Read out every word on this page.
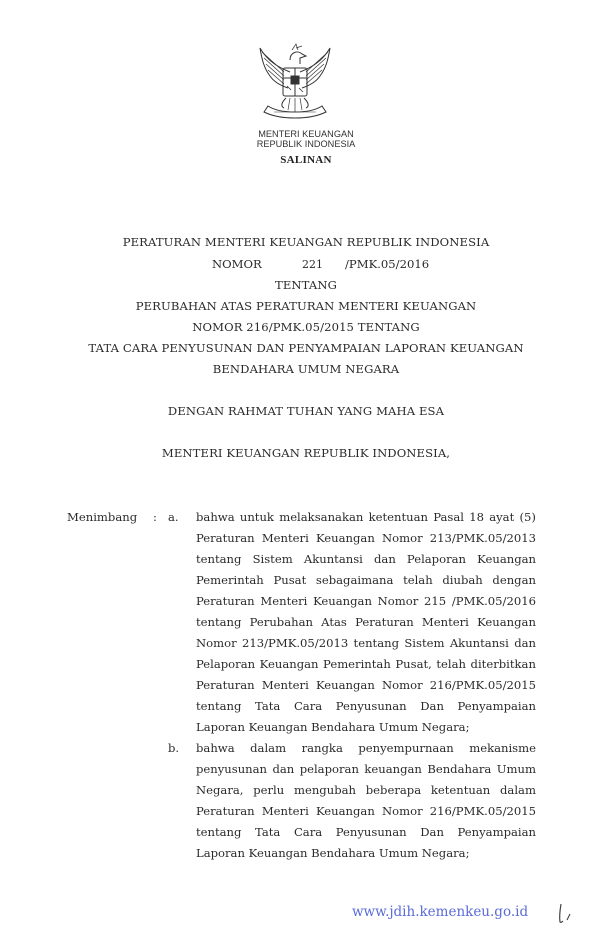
MENTERI KEUANGAN
REPUBLIK INDONESIA
SALINAN
PERATURAN MENTERI KEUANGAN REPUBLIK INDONESIA
NOMOR	221 /PMK.05/2016
TENTANG
PERUBAHAN ATAS PERATURAN MENTERI KEUANGAN
NOMOR 216/PMK.05/2015 TENTANG
TATA CARA PENYUSUNAN DAN PENYAMPAIAN LAPORAN KEUANGAN
BENDAHARA UMUM NEGARA
DENGAN RAHMAT TUHAN YANG MAHA ESA
MENTERI KEUANGAN REPUBLIK INDONESIA,
Menimbang : a. bahwa untuk melaksanakan ketentuan Pasal 18 ayat (5)
Peraturan Menteri Keuangan Nomor 213/PMK.05/2013
tentang Sistem Akuntansi dan Pelaporan Keuangan
Pemerintah Pusat sebagaimana telah diubah dengan
Peraturan Menteri Keuangan Nomor 215 /PMK.05/2016
tentang Perubahan Atas Peraturan Menteri Keuangan
Nomor 213/PMK.05/2013 tentang Sistem Akuntansi dan
Pelaporan Keuangan Pemerintah Pusat, telah diterbitkan
Peraturan Menteri Keuangan Nomor 216/PMK.05/2015
tentang Tata Cara Penyusunan Dan Penyampaian
Laporan Keuangan Bendahara Umum Negara;
b. bahwa dalam rangka penyempurnaan mekanisme
penyusunan dan pelaporan keuangan Bendahara Umum
Negara, perlu mengubah beberapa ketentuan dalam
Peraturan Menteri Keuangan Nomor 216/PMK.05/2015
tentang Tata Cara Penyusunan Dan Penyampaian
Laporan Keuangan Bendahara Umum Negara;
www.jdih.kemenkeu.go.id
